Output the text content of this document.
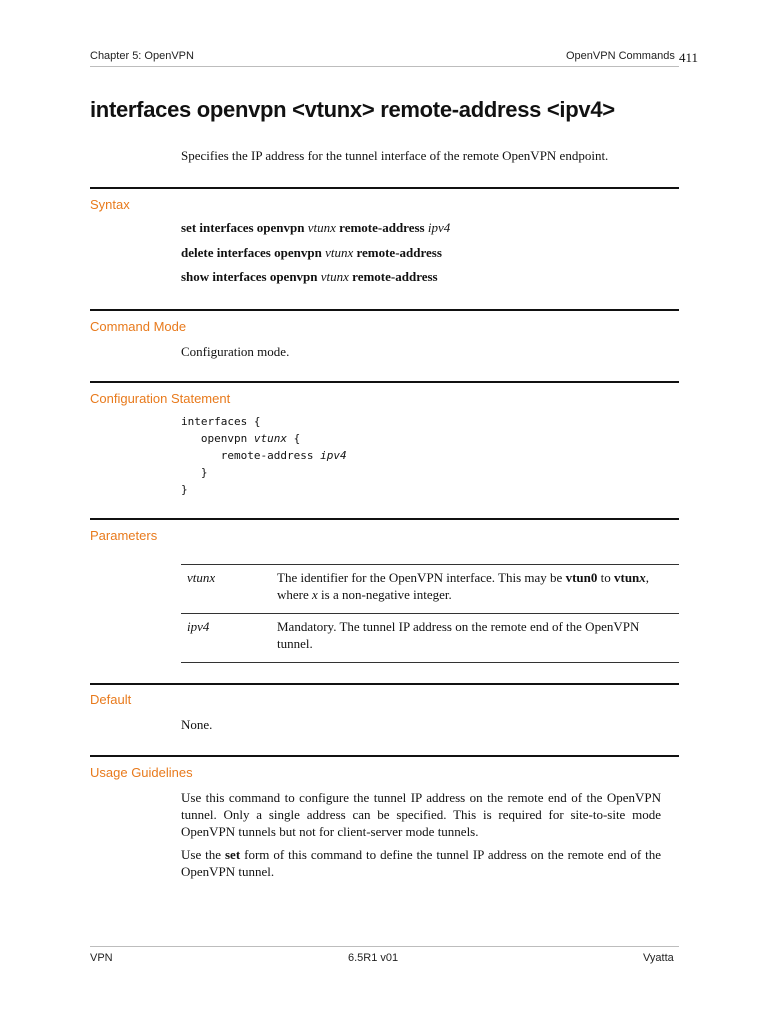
Chapter 5: OpenVPN	OpenVPN Commands 411
interfaces openvpn <vtunx> remote-address <ipv4>
Specifies the IP address for the tunnel interface of the remote OpenVPN endpoint.
Syntax
set interfaces openvpn vtunx remote-address ipv4
delete interfaces openvpn vtunx remote-address
show interfaces openvpn vtunx remote-address
Command Mode
Configuration mode.
Configuration Statement
interfaces {
openvpn vtunx {
remote-address ipv4
}
}
Parameters
vtunx	The identifier for the OpenVPN interface. This may be vtun0 to vtunx, where x is a non-negative integer.
ipv4	Mandatory. The tunnel IP address on the remote end of the OpenVPN tunnel.
Default
None.
Usage Guidelines
Use this command to configure the tunnel IP address on the remote end of the OpenVPN tunnel. Only a single address can be specified. This is required for site-to-site mode OpenVPN tunnels but not for client-server mode tunnels.
Use the set form of this command to define the tunnel IP address on the remote end of the OpenVPN tunnel.
VPN	6.5R1 v01	Vyatta
